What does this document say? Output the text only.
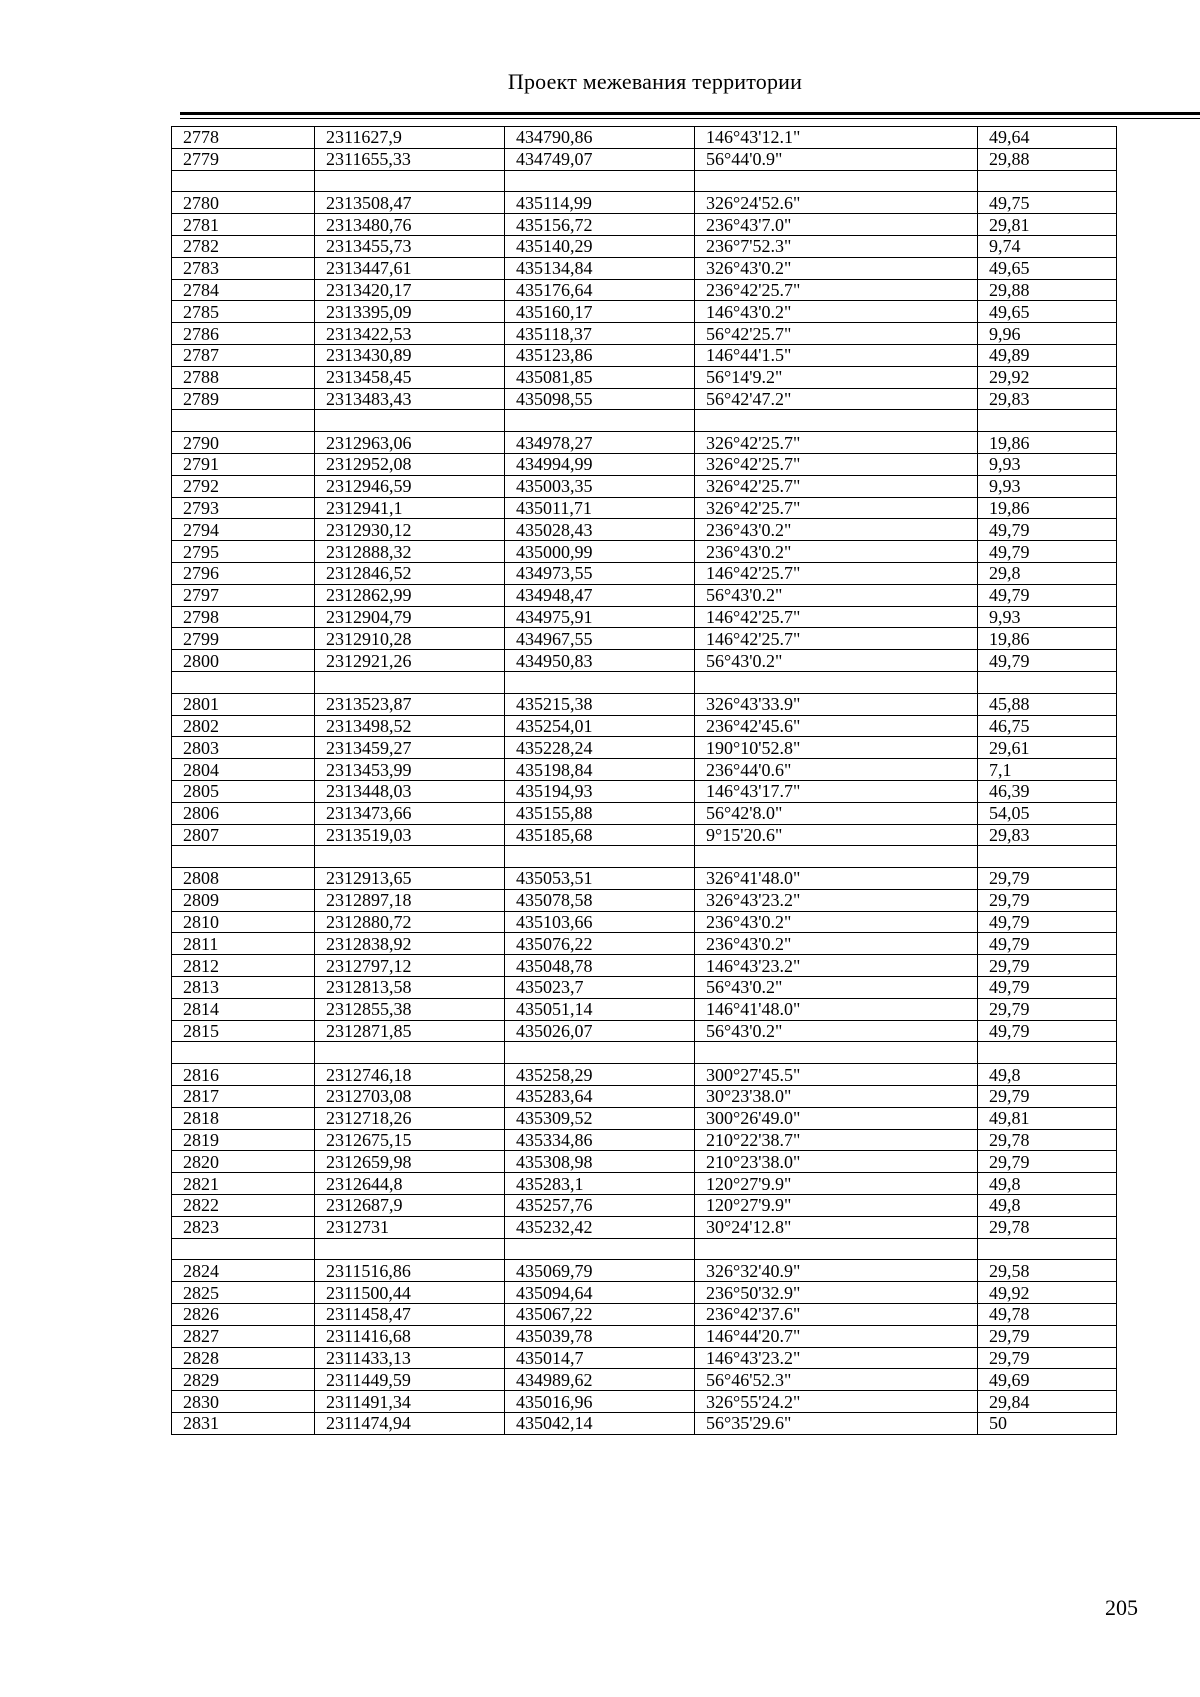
Проект межевания территории
2778	2311627,9	434790,86	146°43'12.1"	49,64
2779	2311655,33	434749,07	56°44'0.9"	29,88

2780	2313508,47	435114,99	326°24'52.6"	49,75
2781	2313480,76	435156,72	236°43'7.0"	29,81
2782	2313455,73	435140,29	236°7'52.3"	9,74
2783	2313447,61	435134,84	326°43'0.2"	49,65
2784	2313420,17	435176,64	236°42'25.7"	29,88
2785	2313395,09	435160,17	146°43'0.2"	49,65
2786	2313422,53	435118,37	56°42'25.7"	9,96
2787	2313430,89	435123,86	146°44'1.5"	49,89
2788	2313458,45	435081,85	56°14'9.2"	29,92
2789	2313483,43	435098,55	56°42'47.2"	29,83

2790	2312963,06	434978,27	326°42'25.7"	19,86
2791	2312952,08	434994,99	326°42'25.7"	9,93
2792	2312946,59	435003,35	326°42'25.7"	9,93
2793	2312941,1	435011,71	326°42'25.7"	19,86
2794	2312930,12	435028,43	236°43'0.2"	49,79
2795	2312888,32	435000,99	236°43'0.2"	49,79
2796	2312846,52	434973,55	146°42'25.7"	29,8
2797	2312862,99	434948,47	56°43'0.2"	49,79
2798	2312904,79	434975,91	146°42'25.7"	9,93
2799	2312910,28	434967,55	146°42'25.7"	19,86
2800	2312921,26	434950,83	56°43'0.2"	49,79

2801	2313523,87	435215,38	326°43'33.9"	45,88
2802	2313498,52	435254,01	236°42'45.6"	46,75
2803	2313459,27	435228,24	190°10'52.8"	29,61
2804	2313453,99	435198,84	236°44'0.6"	7,1
2805	2313448,03	435194,93	146°43'17.7"	46,39
2806	2313473,66	435155,88	56°42'8.0"	54,05
2807	2313519,03	435185,68	9°15'20.6"	29,83

2808	2312913,65	435053,51	326°41'48.0"	29,79
2809	2312897,18	435078,58	326°43'23.2"	29,79
2810	2312880,72	435103,66	236°43'0.2"	49,79
2811	2312838,92	435076,22	236°43'0.2"	49,79
2812	2312797,12	435048,78	146°43'23.2"	29,79
2813	2312813,58	435023,7	56°43'0.2"	49,79
2814	2312855,38	435051,14	146°41'48.0"	29,79
2815	2312871,85	435026,07	56°43'0.2"	49,79

2816	2312746,18	435258,29	300°27'45.5"	49,8
2817	2312703,08	435283,64	30°23'38.0"	29,79
2818	2312718,26	435309,52	300°26'49.0"	49,81
2819	2312675,15	435334,86	210°22'38.7"	29,78
2820	2312659,98	435308,98	210°23'38.0"	29,79
2821	2312644,8	435283,1	120°27'9.9"	49,8
2822	2312687,9	435257,76	120°27'9.9"	49,8
2823	2312731	435232,42	30°24'12.8"	29,78

2824	2311516,86	435069,79	326°32'40.9"	29,58
2825	2311500,44	435094,64	236°50'32.9"	49,92
2826	2311458,47	435067,22	236°42'37.6"	49,78
2827	2311416,68	435039,78	146°44'20.7"	29,79
2828	2311433,13	435014,7	146°43'23.2"	29,79
2829	2311449,59	434989,62	56°46'52.3"	49,69
2830	2311491,34	435016,96	326°55'24.2"	29,84
2831	2311474,94	435042,14	56°35'29.6"	50
205
